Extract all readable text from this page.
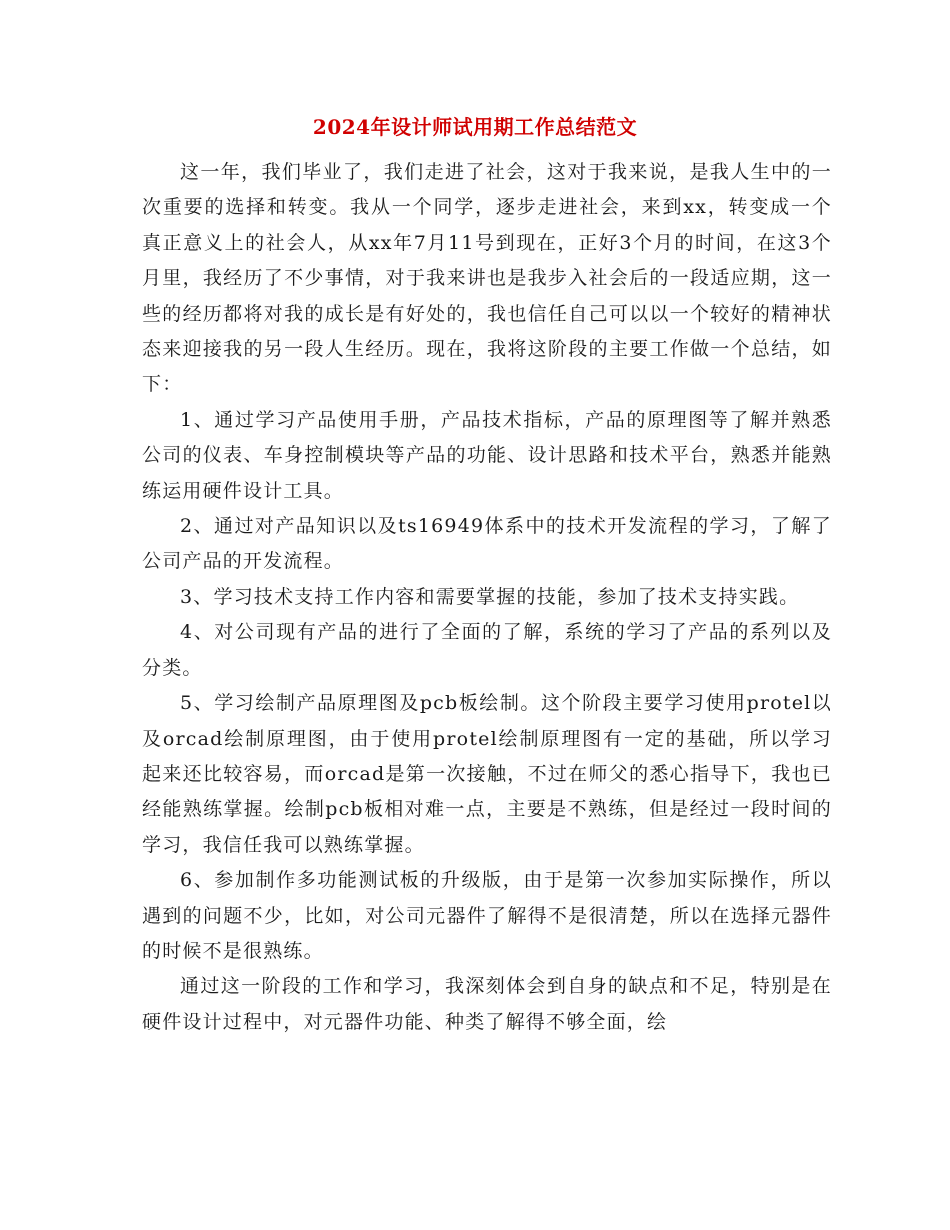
2024年设计师试用期工作总结范文

这一年，我们毕业了，我们走进了社会，这对于我来说，是我人生中的一次重要的选择和转变。我从一个同学，逐步走进社会，来到xx，转变成一个真正意义上的社会人，从xx年7月11号到现在，正好3个月的时间，在这3个月里，我经历了不少事情，对于我来讲也是我步入社会后的一段适应期，这一些的经历都将对我的成长是有好处的，我也信任自己可以以一个较好的精神状态来迎接我的另一段人生经历。现在，我将这阶段的主要工作做一个总结，如下：

1、通过学习产品使用手册，产品技术指标，产品的原理图等了解并熟悉公司的仪表、车身控制模块等产品的功能、设计思路和技术平台，熟悉并能熟练运用硬件设计工具。

2、通过对产品知识以及ts16949体系中的技术开发流程的学习，了解了公司产品的开发流程。

3、学习技术支持工作内容和需要掌握的技能，参加了技术支持实践。

4、对公司现有产品的进行了全面的了解，系统的学习了产品的系列以及分类。

5、学习绘制产品原理图及pcb板绘制。这个阶段主要学习使用protel以及orcad绘制原理图，由于使用protel绘制原理图有一定的基础，所以学习起来还比较容易，而orcad是第一次接触，不过在师父的悉心指导下，我也已经能熟练掌握。绘制pcb板相对难一点，主要是不熟练，但是经过一段时间的学习，我信任我可以熟练掌握。

6、参加制作多功能测试板的升级版，由于是第一次参加实际操作，所以遇到的问题不少，比如，对公司元器件了解得不是很清楚，所以在选择元器件的时候不是很熟练。

通过这一阶段的工作和学习，我深刻体会到自身的缺点和不足，特别是在硬件设计过程中，对元器件功能、种类了解得不够全面，绘
